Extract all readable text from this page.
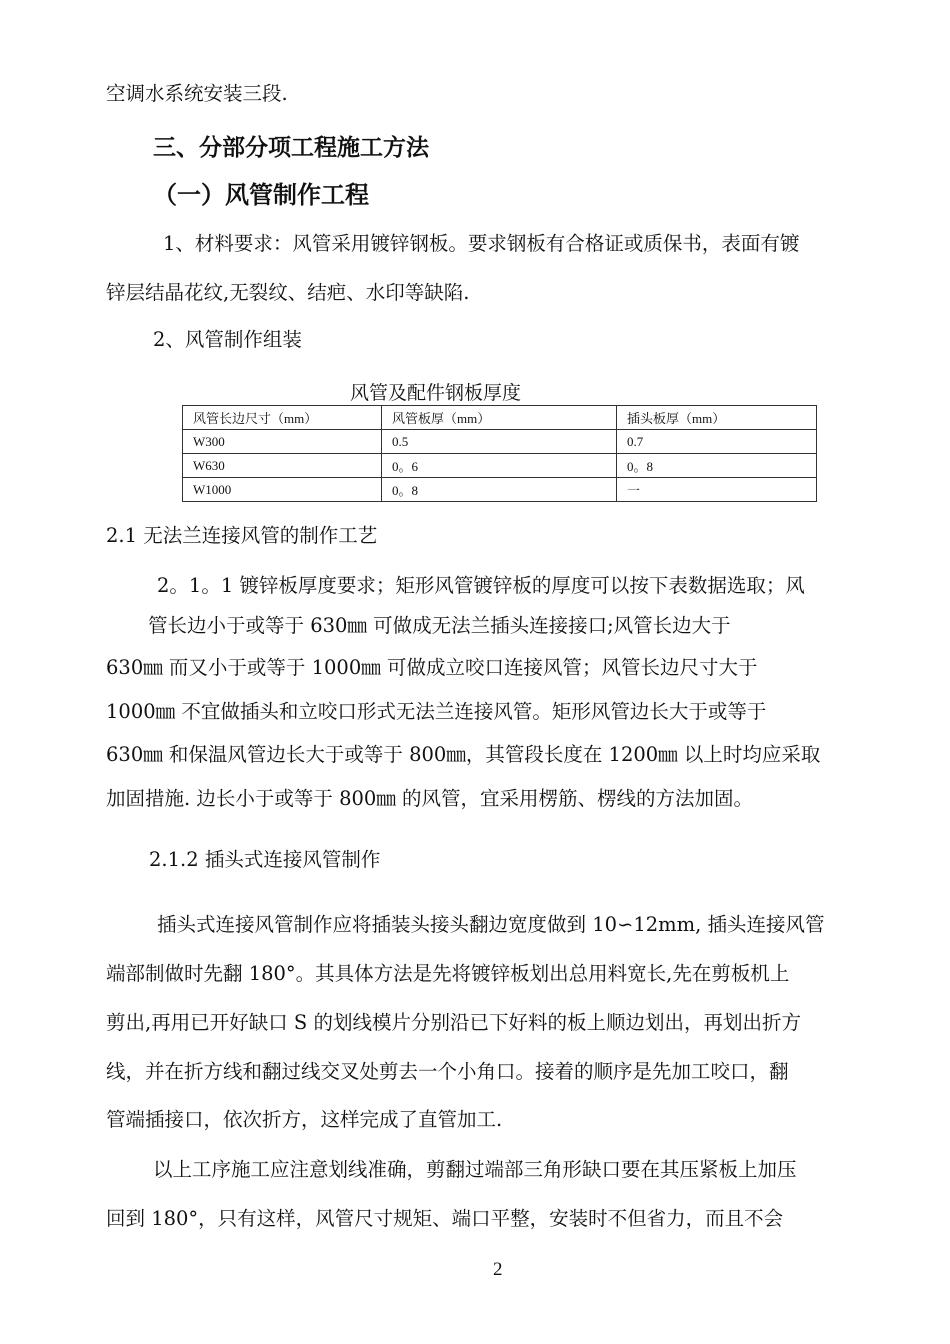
空调水系统安装三段.
三、分部分项工程施工方法
（一）风管制作工程
1、材料要求：风管采用镀锌钢板。要求钢板有合格证或质保书，表面有镀
锌层结晶花纹,无裂纹、结疤、水印等缺陷.
2、风管制作组装
风管及配件钢板厚度
风管长边尺寸（mm）	风管板厚（mm）	插头板厚（mm）
W300	0.5	0.7
W630	0。6	0。8
W1000	0。8	一
2.1 无法兰连接风管的制作工艺
2。1。1 镀锌板厚度要求；矩形风管镀锌板的厚度可以按下表数据选取；风
管长边小于或等于 630㎜ 可做成无法兰插头连接接口;风管长边大于
630㎜ 而又小于或等于 1000㎜ 可做成立咬口连接风管；风管长边尺寸大于
1000㎜ 不宜做插头和立咬口形式无法兰连接风管。矩形风管边长大于或等于
630㎜ 和保温风管边长大于或等于 800㎜，其管段长度在 1200㎜ 以上时均应采取
加固措施. 边长小于或等于 800㎜ 的风管，宜采用楞筋、楞线的方法加固。
2.1.2 插头式连接风管制作
插头式连接风管制作应将插装头接头翻边宽度做到 10∽12mm, 插头连接风管
端部制做时先翻 180°。其具体方法是先将镀锌板划出总用料宽长,先在剪板机上
剪出,再用已开好缺口 S 的划线模片分别沿已下好料的板上顺边划出，再划出折方
线，并在折方线和翻过线交叉处剪去一个小角口。接着的顺序是先加工咬口，翻
管端插接口，依次折方，这样完成了直管加工.
以上工序施工应注意划线准确，剪翻过端部三角形缺口要在其压紧板上加压
回到 180°，只有这样，风管尺寸规矩、端口平整，安装时不但省力，而且不会
2
